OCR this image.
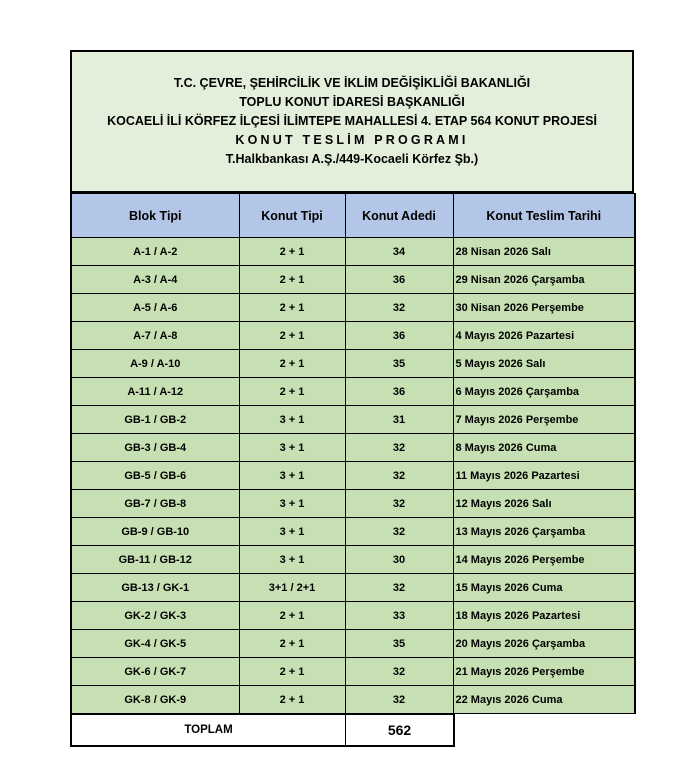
T.C. ÇEVRE, ŞEHİRCİLİK VE İKLİM DEĞİŞİKLİĞİ BAKANLIĞI
TOPLU KONUT İDARESİ BAŞKANLIĞI
KOCAELİ İLİ KÖRFEZ İLÇESİ İLİMTEPE MAHALLESİ 4. ETAP 564 KONUT PROJESİ
KONUT TESLİM PROGRAMI
T.Halkbankası A.Ş./449-Kocaeli Körfez Şb.)
Blok Tipi	Konut Tipi	Konut Adedi	Konut Teslim Tarihi
A-1 / A-2	2 + 1	34	28 Nisan 2026 Salı
A-3 / A-4	2 + 1	36	29 Nisan 2026 Çarşamba
A-5 / A-6	2 + 1	32	30 Nisan 2026 Perşembe
A-7 / A-8	2 + 1	36	4 Mayıs 2026 Pazartesi
A-9 / A-10	2 + 1	35	5 Mayıs 2026 Salı
A-11 / A-12	2 + 1	36	6 Mayıs 2026 Çarşamba
GB-1 / GB-2	3 + 1	31	7 Mayıs 2026 Perşembe
GB-3 / GB-4	3 + 1	32	8 Mayıs 2026 Cuma
GB-5 / GB-6	3 + 1	32	11 Mayıs 2026 Pazartesi
GB-7 / GB-8	3 + 1	32	12 Mayıs 2026 Salı
GB-9 / GB-10	3 + 1	32	13 Mayıs 2026 Çarşamba
GB-11 / GB-12	3 + 1	30	14 Mayıs 2026 Perşembe
GB-13 / GK-1	3+1 / 2+1	32	15 Mayıs 2026 Cuma
GK-2 / GK-3	2 + 1	33	18 Mayıs 2026 Pazartesi
GK-4 / GK-5	2 + 1	35	20 Mayıs 2026 Çarşamba
GK-6 / GK-7	2 + 1	32	21 Mayıs 2026 Perşembe
GK-8 / GK-9	2 + 1	32	22 Mayıs 2026 Cuma
TOPLAM	562
